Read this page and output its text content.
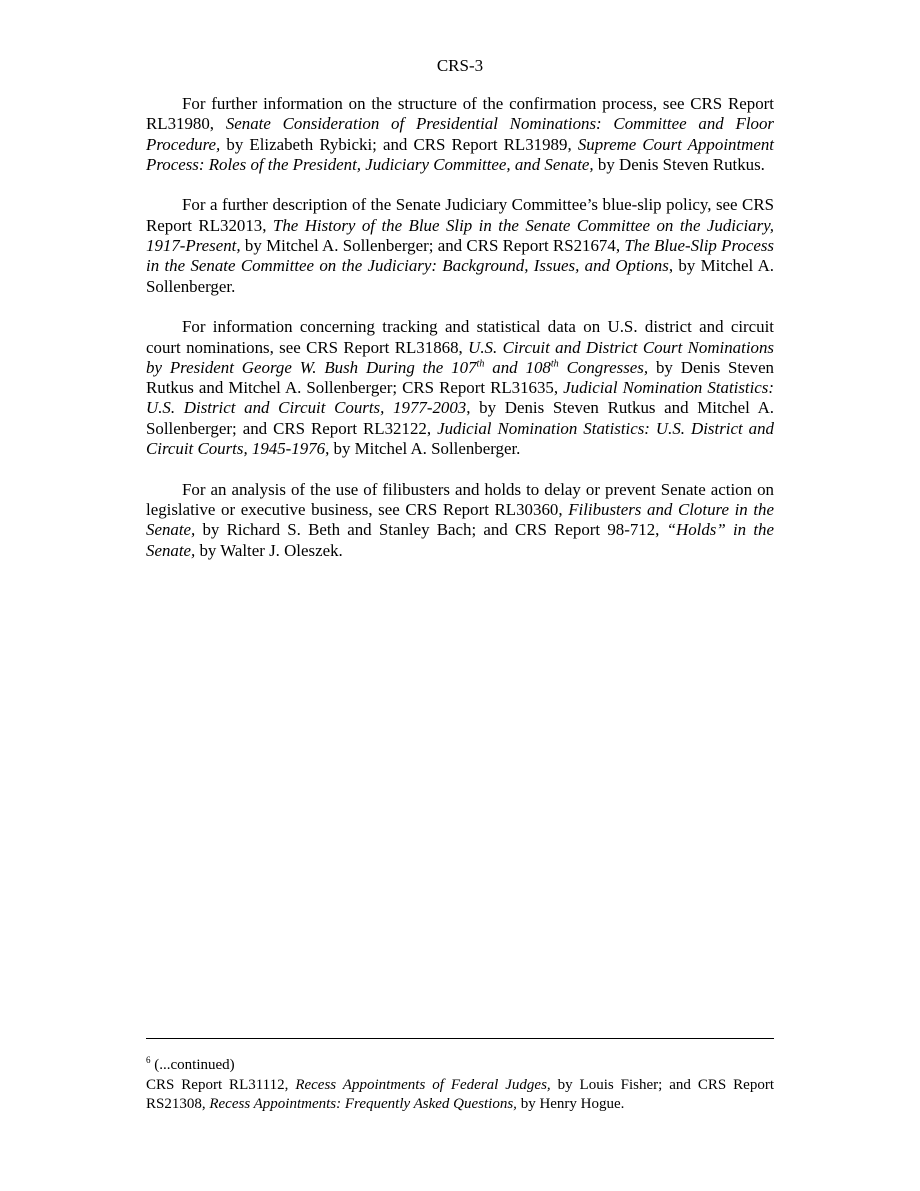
CRS-3

For further information on the structure of the confirmation process, see CRS Report RL31980, Senate Consideration of Presidential Nominations: Committee and Floor Procedure, by Elizabeth Rybicki; and CRS Report RL31989, Supreme Court Appointment Process: Roles of the President, Judiciary Committee, and Senate, by Denis Steven Rutkus.

For a further description of the Senate Judiciary Committee’s blue-slip policy, see CRS Report RL32013, The History of the Blue Slip in the Senate Committee on the Judiciary, 1917-Present, by Mitchel A. Sollenberger; and CRS Report RS21674, The Blue-Slip Process in the Senate Committee on the Judiciary: Background, Issues, and Options, by Mitchel A. Sollenberger.

For information concerning tracking and statistical data on U.S. district and circuit court nominations, see CRS Report RL31868, U.S. Circuit and District Court Nominations by President George W. Bush During the 107th and 108th Congresses, by Denis Steven Rutkus and Mitchel A. Sollenberger; CRS Report RL31635, Judicial Nomination Statistics: U.S. District and Circuit Courts, 1977-2003, by Denis Steven Rutkus and Mitchel A. Sollenberger; and CRS Report RL32122, Judicial Nomination Statistics: U.S. District and Circuit Courts, 1945-1976, by Mitchel A. Sollenberger.

For an analysis of the use of filibusters and holds to delay or prevent Senate action on legislative or executive business, see CRS Report RL30360, Filibusters and Cloture in the Senate, by Richard S. Beth and Stanley Bach; and CRS Report 98-712, “Holds” in the Senate, by Walter J. Oleszek.

$^6$ (...continued)

CRS Report RL31112, Recess Appointments of Federal Judges, by Louis Fisher; and CRS Report RS21308, Recess Appointments: Frequently Asked Questions, by Henry Hogue.
